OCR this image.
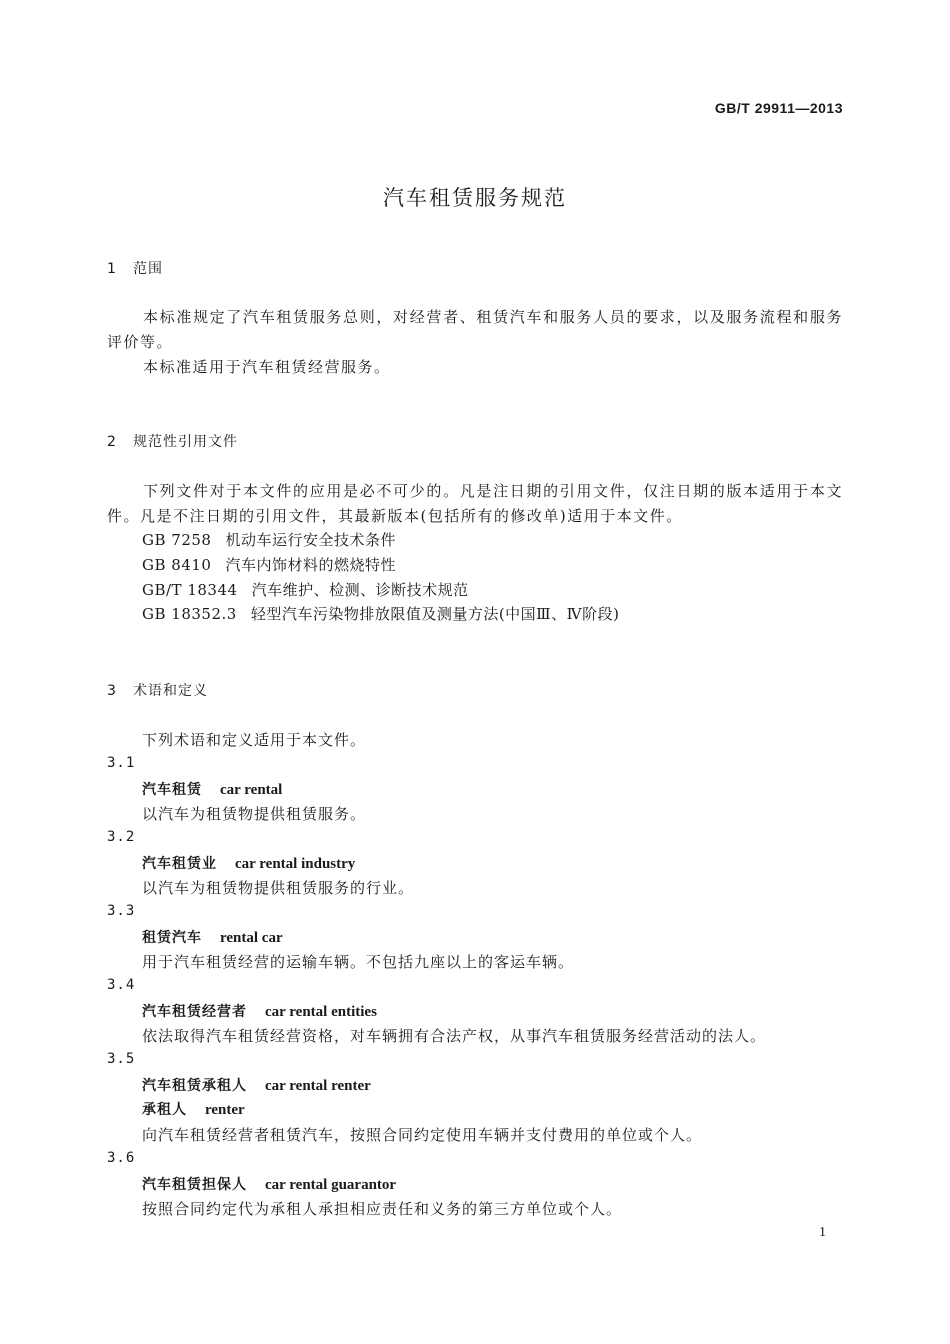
GB/T 29911—2013
汽车租赁服务规范
1 范围

本标准规定了汽车租赁服务总则，对经营者、租赁汽车和服务人员的要求，以及服务流程和服务评价等。

本标准适用于汽车租赁经营服务。

2 规范性引用文件

下列文件对于本文件的应用是必不可少的。凡是注日期的引用文件，仅注日期的版本适用于本文件。凡是不注日期的引用文件，其最新版本(包括所有的修改单)适用于本文件。

GB 7258 机动车运行安全技术条件
GB 8410 汽车内饰材料的燃烧特性
GB/T 18344 汽车维护、检测、诊断技术规范
GB 18352.3 轻型汽车污染物排放限值及测量方法(中国Ⅲ、Ⅳ阶段)
3 术语和定义
下列术语和定义适用于本文件。
3.1
汽车租赁 car rental
以汽车为租赁物提供租赁服务。
3.2
汽车租赁业 car rental industry
以汽车为租赁物提供租赁服务的行业。
3.3
租赁汽车 rental car
用于汽车租赁经营的运输车辆。不包括九座以上的客运车辆。
3.4
汽车租赁经营者 car rental entities
依法取得汽车租赁经营资格，对车辆拥有合法产权，从事汽车租赁服务经营活动的法人。
3.5
汽车租赁承租人 car rental renter
承租人 renter
向汽车租赁经营者租赁汽车，按照合同约定使用车辆并支付费用的单位或个人。
3.6
汽车租赁担保人 car rental guarantor
按照合同约定代为承租人承担相应责任和义务的第三方单位或个人。
1
